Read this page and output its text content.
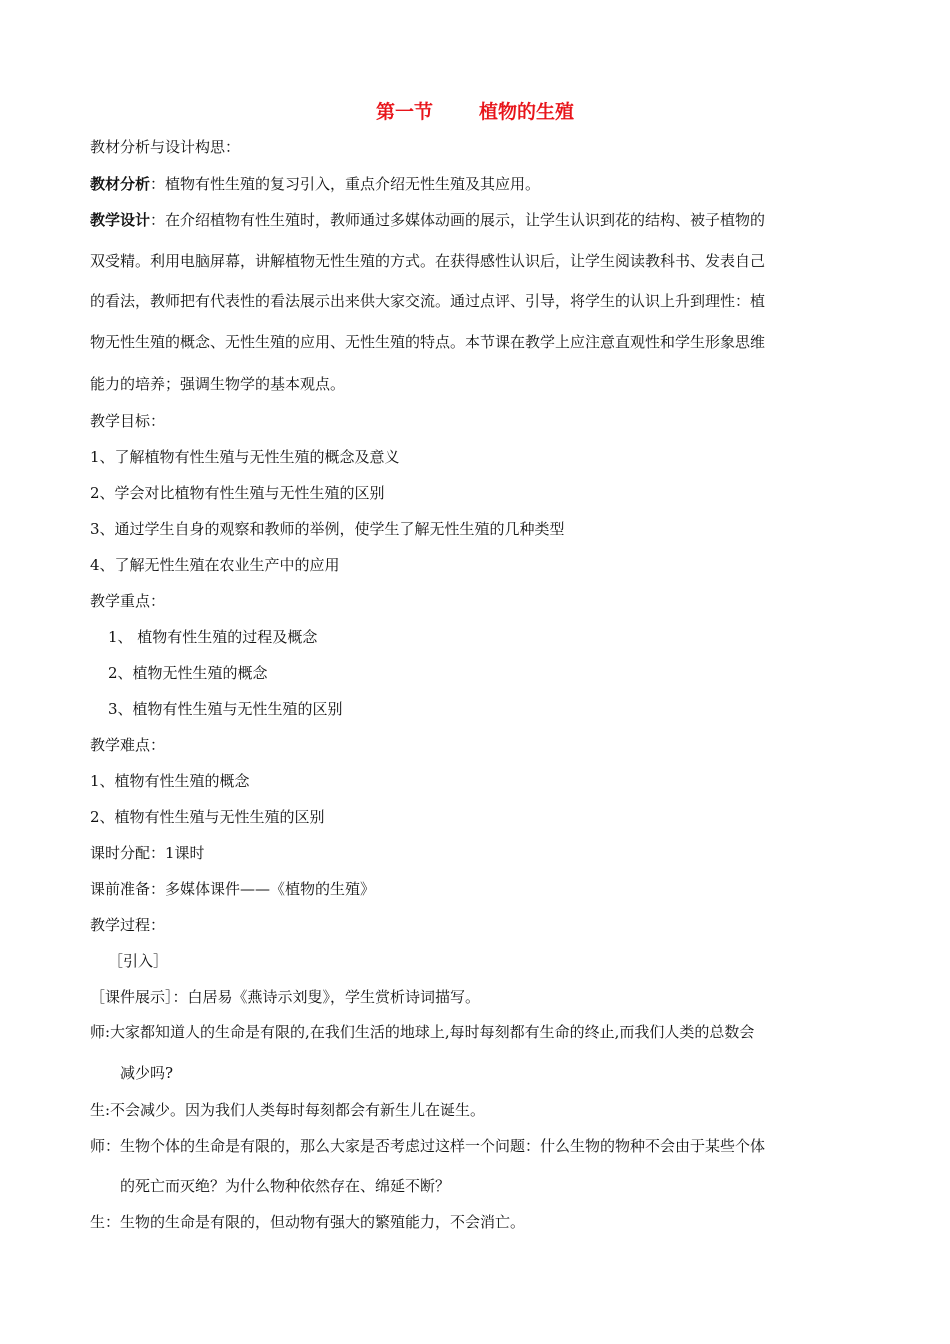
第一节 植物的生殖
教材分析与设计构思：
教材分析：植物有性生殖的复习引入，重点介绍无性生殖及其应用。
教学设计：在介绍植物有性生殖时，教师通过多媒体动画的展示，让学生认识到花的结构、被子植物的
双受精。利用电脑屏幕，讲解植物无性生殖的方式。在获得感性认识后，让学生阅读教科书、发表自己
的看法，教师把有代表性的看法展示出来供大家交流。通过点评、引导，将学生的认识上升到理性：植
物无性生殖的概念、无性生殖的应用、无性生殖的特点。本节课在教学上应注意直观性和学生形象思维
能力的培养；强调生物学的基本观点。
教学目标：
1、了解植物有性生殖与无性生殖的概念及意义
2、学会对比植物有性生殖与无性生殖的区别
3、通过学生自身的观察和教师的举例，使学生了解无性生殖的几种类型
4、了解无性生殖在农业生产中的应用
教学重点：
1、 植物有性生殖的过程及概念
2、植物无性生殖的概念
3、植物有性生殖与无性生殖的区别
教学难点：
1、植物有性生殖的概念
2、植物有性生殖与无性生殖的区别
课时分配：1课时
课前准备：多媒体课件——《植物的生殖》
教学过程：
［引入］
［课件展示］：白居易《燕诗示刘叟》，学生赏析诗词描写。
师:大家都知道人的生命是有限的,在我们生活的地球上,每时每刻都有生命的终止,而我们人类的总数会
减少吗?
生:不会减少。因为我们人类每时每刻都会有新生儿在诞生。
师：生物个体的生命是有限的，那么大家是否考虑过这样一个问题：什么生物的物种不会由于某些个体
的死亡而灭绝？为什么物种依然存在、绵延不断？
生：生物的生命是有限的，但动物有强大的繁殖能力，不会消亡。
